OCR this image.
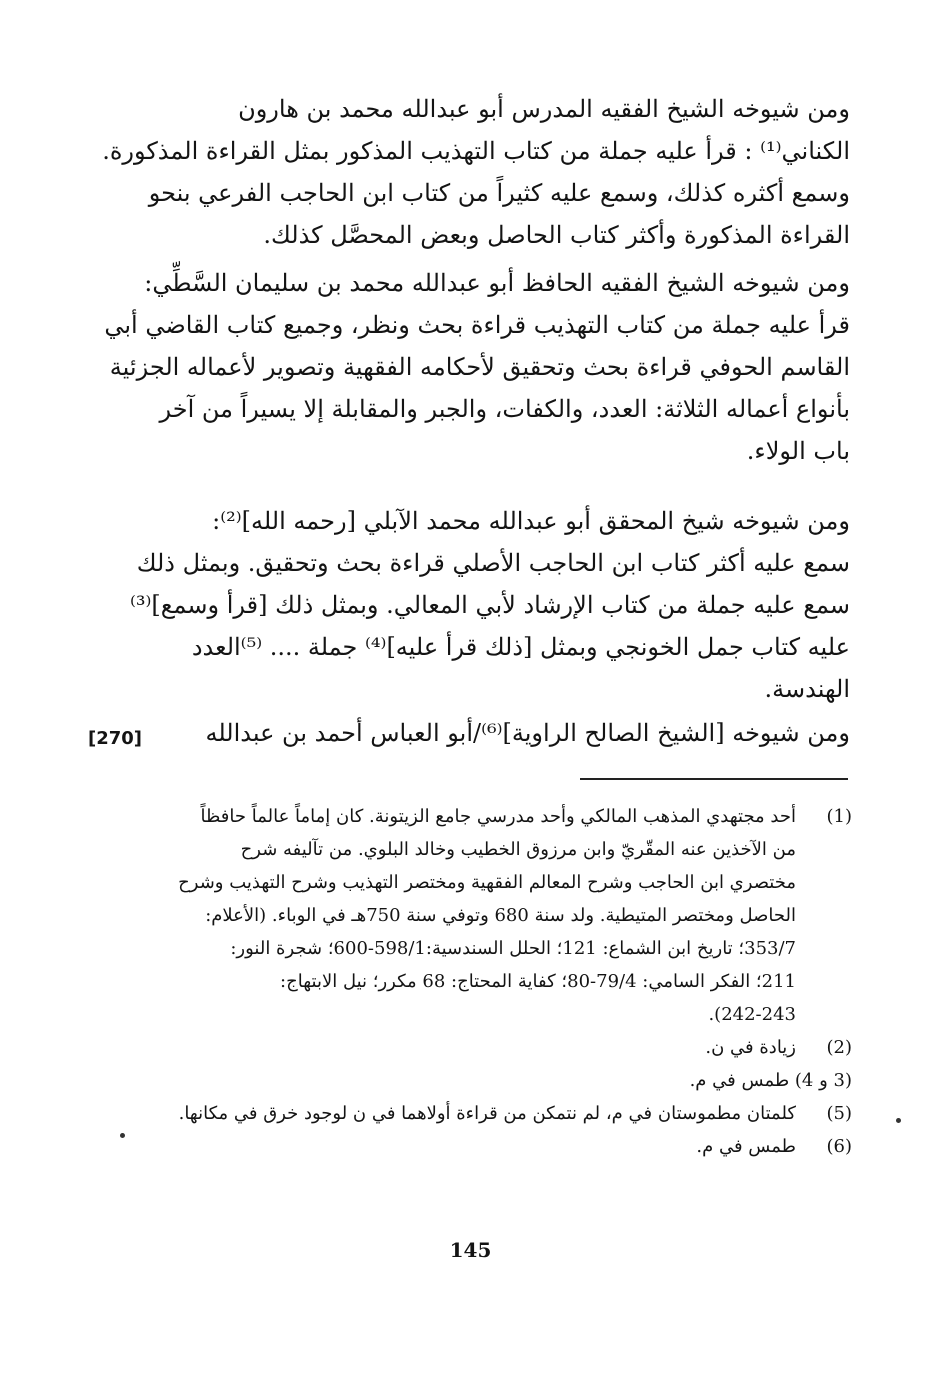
ومن شيوخه الشيخ الفقيه المدرس أبو عبدالله محمد بن هارون
الكناني⁽¹⁾ : قرأ عليه جملة من كتاب التهذيب المذكور بمثل القراءة المذكورة.
وسمع أكثره كذلك، وسمع عليه كثيراً من كتاب ابن الحاجب الفرعي بنحو
القراءة المذكورة وأكثر كتاب الحاصل وبعض المحصَّل كذلك.
ومن شيوخه الشيخ الفقيه الحافظ أبو عبدالله محمد بن سليمان السَّطِّي:
قرأ عليه جملة من كتاب التهذيب قراءة بحث ونظر، وجميع كتاب القاضي أبي
القاسم الحوفي قراءة بحث وتحقيق لأحكامه الفقهية وتصوير لأعماله الجزئية
بأنواع أعماله الثلاثة: العدد، والكفات، والجبر والمقابلة إلا يسيراً من آخر
باب الولاء.
ومن شيوخه شيخ المحقق أبو عبدالله محمد الآبلي [رحمه الله]⁽²⁾:
سمع عليه أكثر كتاب ابن الحاجب الأصلي قراءة بحث وتحقيق. وبمثل ذلك
سمع عليه جملة من كتاب الإرشاد لأبي المعالي. وبمثل ذلك [قرأ وسمع]⁽³⁾
عليه كتاب جمل الخونجي وبمثل [ذلك قرأ عليه]⁽⁴⁾ جملة .... ⁽⁵⁾العدد
الهندسة.
ومن شيوخه [الشيخ الصالح الراوية]⁽⁶⁾/أبو العباس أحمد بن عبدالله
[270]
(1)
أحد مجتهدي المذهب المالكي وأحد مدرسي جامع الزيتونة. كان إماماً عالماً حافظاً
من الآخذين عنه المقّريّ وابن مرزوق الخطيب وخالد البلوي. من تآليفه شرح
مختصري ابن الحاجب وشرح المعالم الفقهية ومختصر التهذيب وشرح التهذيب وشرح
الحاصل ومختصر المتيطية. ولد سنة 680 وتوفي سنة 750هـ في الوباء. (الأعلام:
353/7؛ تاريخ ابن الشماع: 121؛ الحلل السندسية:598/1-600؛ شجرة النور:
211؛ الفكر السامي: 79/4-80؛ كفاية المحتاج: 68 مكرر؛ نيل الابتهاج:
242-243).
(2)
زيادة في ن.
(3 و 4) طمس في م.
(5)
كلمتان مطموستان في م، لم نتمكن من قراءة أولاهما في ن لوجود خرق في مكانها.
(6)
طمس في م.
145
